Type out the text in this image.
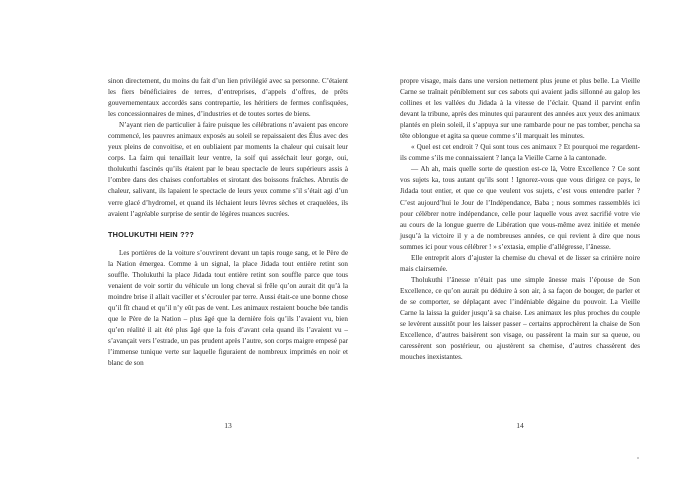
sinon directement, du moins du fait d’un lien privilégié avec sa personne. C’étaient les fiers bénéficiaires de terres, d’entreprises, d’appels d’offres, de prêts gouvernementaux accordés sans contrepartie, les héritiers de fermes confisquées, les concessionnaires de mines, d’industries et de toutes sortes de biens.

N’ayant rien de particulier à faire puisque les célébrations n’avaient pas encore commencé, les pauvres animaux exposés au soleil se repaissaient des Élus avec des yeux pleins de convoitise, et en oubliaient par moments la chaleur qui cuisait leur corps. La faim qui tenaillait leur ventre, la soif qui asséchait leur gorge, oui, tholukuthi fascinés qu’ils étaient par le beau spectacle de leurs supérieurs assis à l’ombre dans des chaises confortables et sirotant des boissons fraîches. Abrutis de chaleur, salivant, ils lapaient le spectacle de leurs yeux comme s’il s’était agi d’un verre glacé d’hydromel, et quand ils léchaient leurs lèvres sèches et craquelées, ils avaient l’agréable surprise de sentir de légères nuances sucrées.

THOLUKUTHI HEIN ???

Les portières de la voiture s’ouvrirent devant un tapis rouge sang, et le Père de la Nation émergea. Comme à un signal, la place Jidada tout entière retint son souffle. Tholukuthi la place Jidada tout entière retint son souffle parce que tous venaient de voir sortir du véhicule un long cheval si frêle qu’on aurait dit qu’à la moindre brise il allait vaciller et s’écrouler par terre. Aussi était-ce une bonne chose qu’il fît chaud et qu’il n’y eût pas de vent. Les animaux restaient bouche bée tandis que le Père de la Nation – plus âgé que la dernière fois qu’ils l’avaient vu, bien qu’en réalité il ait été plus âgé que la fois d’avant cela quand ils l’avaient vu – s’avançait vers l’estrade, un pas prudent après l’autre, son corps maigre empesé par l’immense tunique verte sur laquelle figuraient de nombreux imprimés en noir et blanc de son

13

propre visage, mais dans une version nettement plus jeune et plus belle. La Vieille Carne se traînait péniblement sur ces sabots qui avaient jadis sillonné au galop les collines et les vallées du Jidada à la vitesse de l’éclair. Quand il parvint enfin devant la tribune, après des minutes qui paraurent des années aux yeux des animaux plantés en plein soleil, il s’appuya sur une rambarde pour ne pas tomber, pencha sa tête oblongue et agita sa queue comme s’il marquait les minutes.

« Quel est cet endroit ? Qui sont tous ces animaux ? Et pourquoi me regardent-ils comme s’ils me connaissaient ? lança la Vieille Carne à la cantonade.

— Ah ah, mais quelle sorte de question est-ce là, Votre Excellence ? Ce sont vos sujets ka, tous autant qu’ils sont ! Ignorez-vous que vous dirigez ce pays, le Jidada tout entier, et que ce que veulent vos sujets, c’est vous entendre parler ? C’est aujourd’hui le Jour de l’Indépendance, Baba ; nous sommes rassemblés ici pour célébrer notre indépendance, celle pour laquelle vous avez sacrifié votre vie au cours de la longue guerre de Libération que vous-même avez initiée et menée jusqu’à la victoire il y a de nombreuses années, ce qui revient à dire que nous sommes ici pour vous célébrer ! » s’extasia, emplie d’allégresse, l’ânesse.

Elle entreprit alors d’ajuster la chemise du cheval et de lisser sa crinière noire mais clairsemée.

Tholukuthi l’ânesse n’était pas une simple ânesse mais l’épouse de Son Excellence, ce qu’on aurait pu déduire à son air, à sa façon de bouger, de parler et de se comporter, se déplaçant avec l’indéniable dégaine du pouvoir. La Vieille Carne la laissa la guider jusqu’à sa chaise. Les animaux les plus proches du couple se levèrent aussitôt pour les laisser passer – certains approchèrent la chaise de Son Excellence, d’autres baisèrent son visage, ou passèrent la main sur sa queue, ou caressèrent son postérieur, ou ajustèrent sa chemise, d’autres chassèrent des mouches inexistantes.

14
